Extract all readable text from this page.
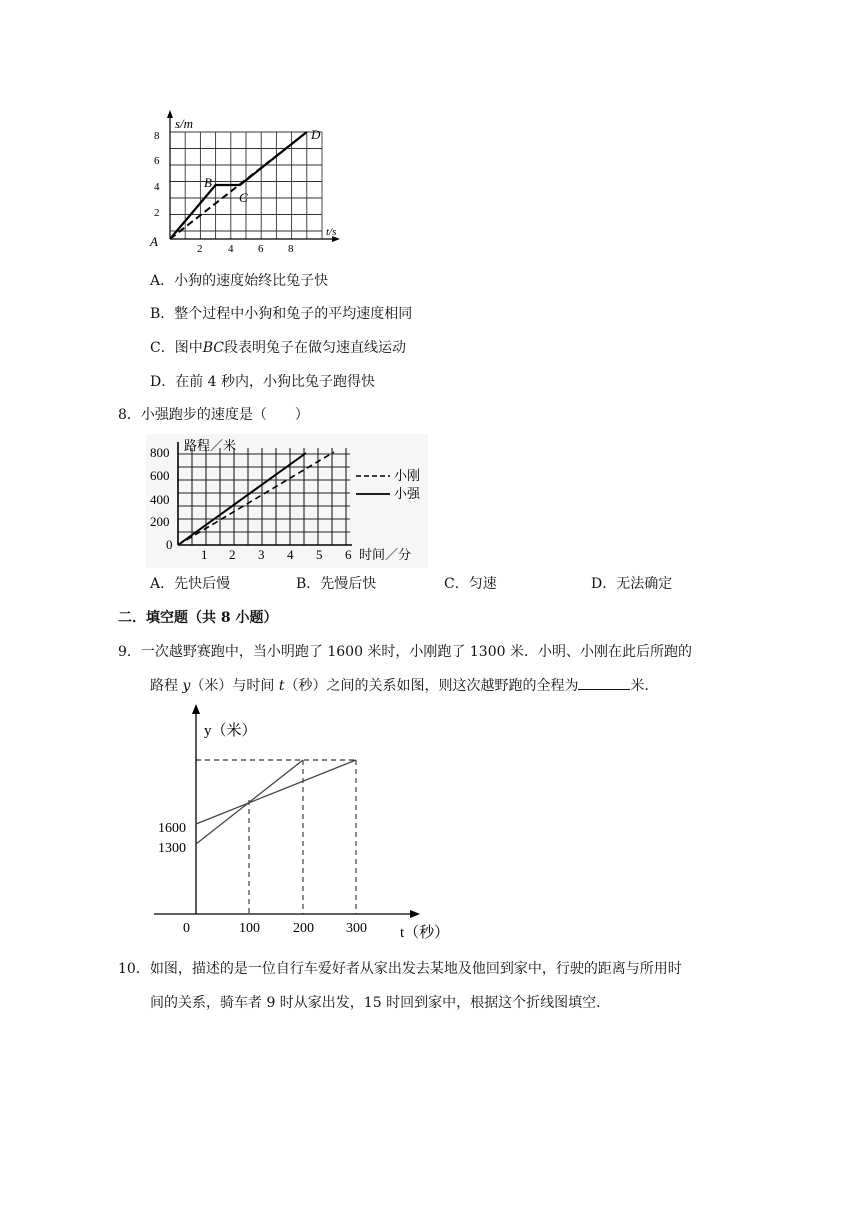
s/m
t/s
8
6
4
2
2 4 6 8
A
B
C
D
A．小狗的速度始终比兔子快
B．整个过程中小狗和兔子的平均速度相同
C．图中BC段表明兔子在做匀速直线运动
D．在前 4 秒内，小狗比兔子跑得快
8．小强跑步的速度是（　　）
路程／米
800
600
400
200
0
1 2 3 4 5 6 时间／分
小刚
小强
A．先快后慢	B．先慢后快	C．匀速	D．无法确定
二．填空题（共 8 小题）
9．一次越野赛跑中，当小明跑了 1600 米时，小刚跑了 1300 米．小明、小刚在此后所跑的
路程 y（米）与时间 t（秒）之间的关系如图，则这次越野跑的全程为	米．
y（米）
t（秒）
1600
1300
0	100 200 300
10．如图，描述的是一位自行车爱好者从家出发去某地及他回到家中，行驶的距离与所用时
间的关系，骑车者 9 时从家出发，15 时回到家中，根据这个折线图填空．
